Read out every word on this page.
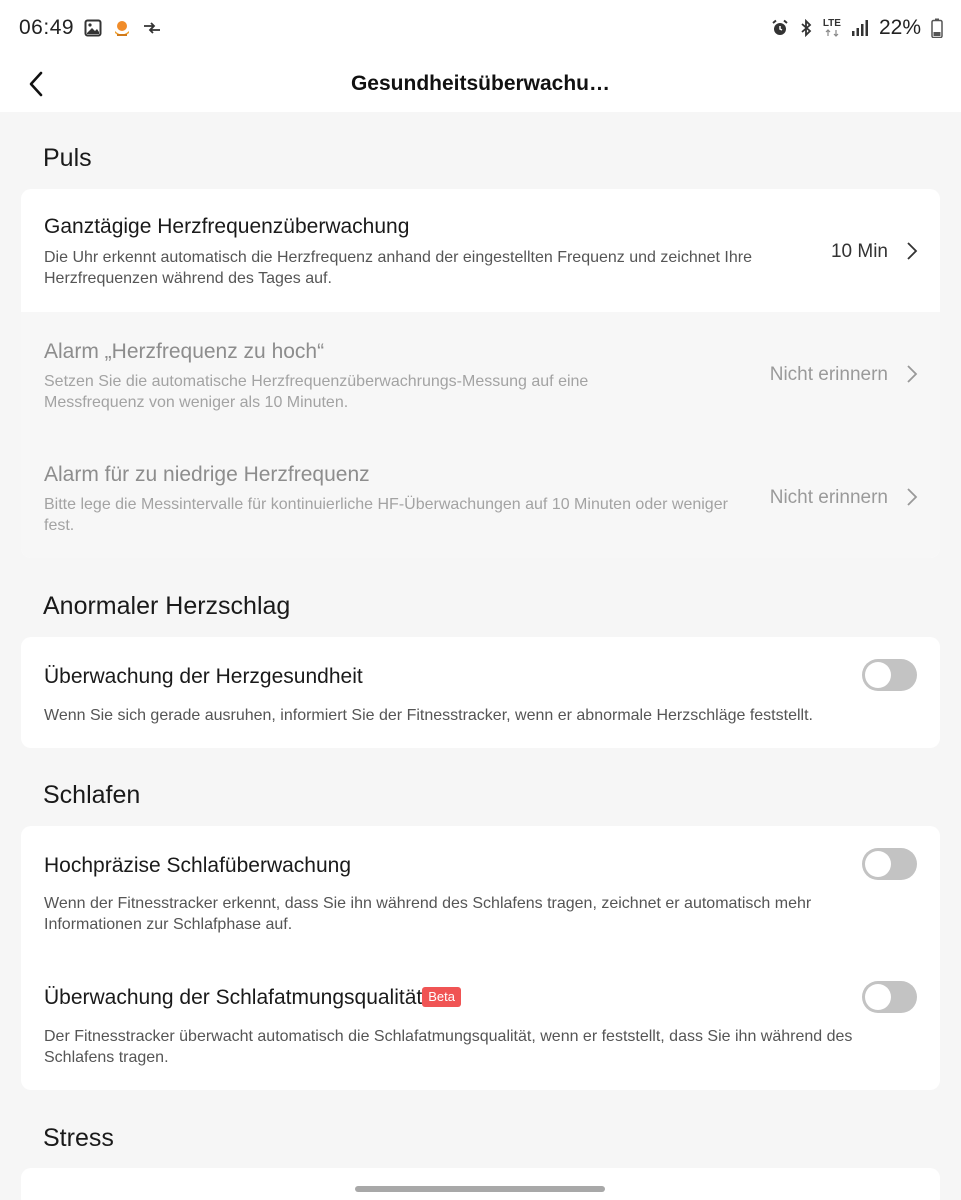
06:49	LTE 22%
Gesundheitsüberwachu…
Puls
Ganztägige Herzfrequenzüberwachung
Die Uhr erkennt automatisch die Herzfrequenz anhand der eingestellten Frequenz und zeichnet Ihre Herzfrequenzen während des Tages auf.
10 Min
Alarm „Herzfrequenz zu hoch“
Setzen Sie die automatische Herzfrequenzüberwachrungs-Messung auf eine Messfrequenz von weniger als 10 Minuten.
Nicht erinnern
Alarm für zu niedrige Herzfrequenz
Bitte lege die Messintervalle für kontinuierliche HF-Überwachungen auf 10 Minuten oder weniger fest.
Nicht erinnern
Anormaler Herzschlag
Überwachung der Herzgesundheit
Wenn Sie sich gerade ausruhen, informiert Sie der Fitnesstracker, wenn er abnormale Herzschläge feststellt.
Schlafen
Hochpräzise Schlafüberwachung
Wenn der Fitnesstracker erkennt, dass Sie ihn während des Schlafens tragen, zeichnet er automatisch mehr Informationen zur Schlafphase auf.
Überwachung der Schlafatmungsqualität Beta
Der Fitnesstracker überwacht automatisch die Schlafatmungsqualität, wenn er feststellt, dass Sie ihn während des Schlafens tragen.
Stress
